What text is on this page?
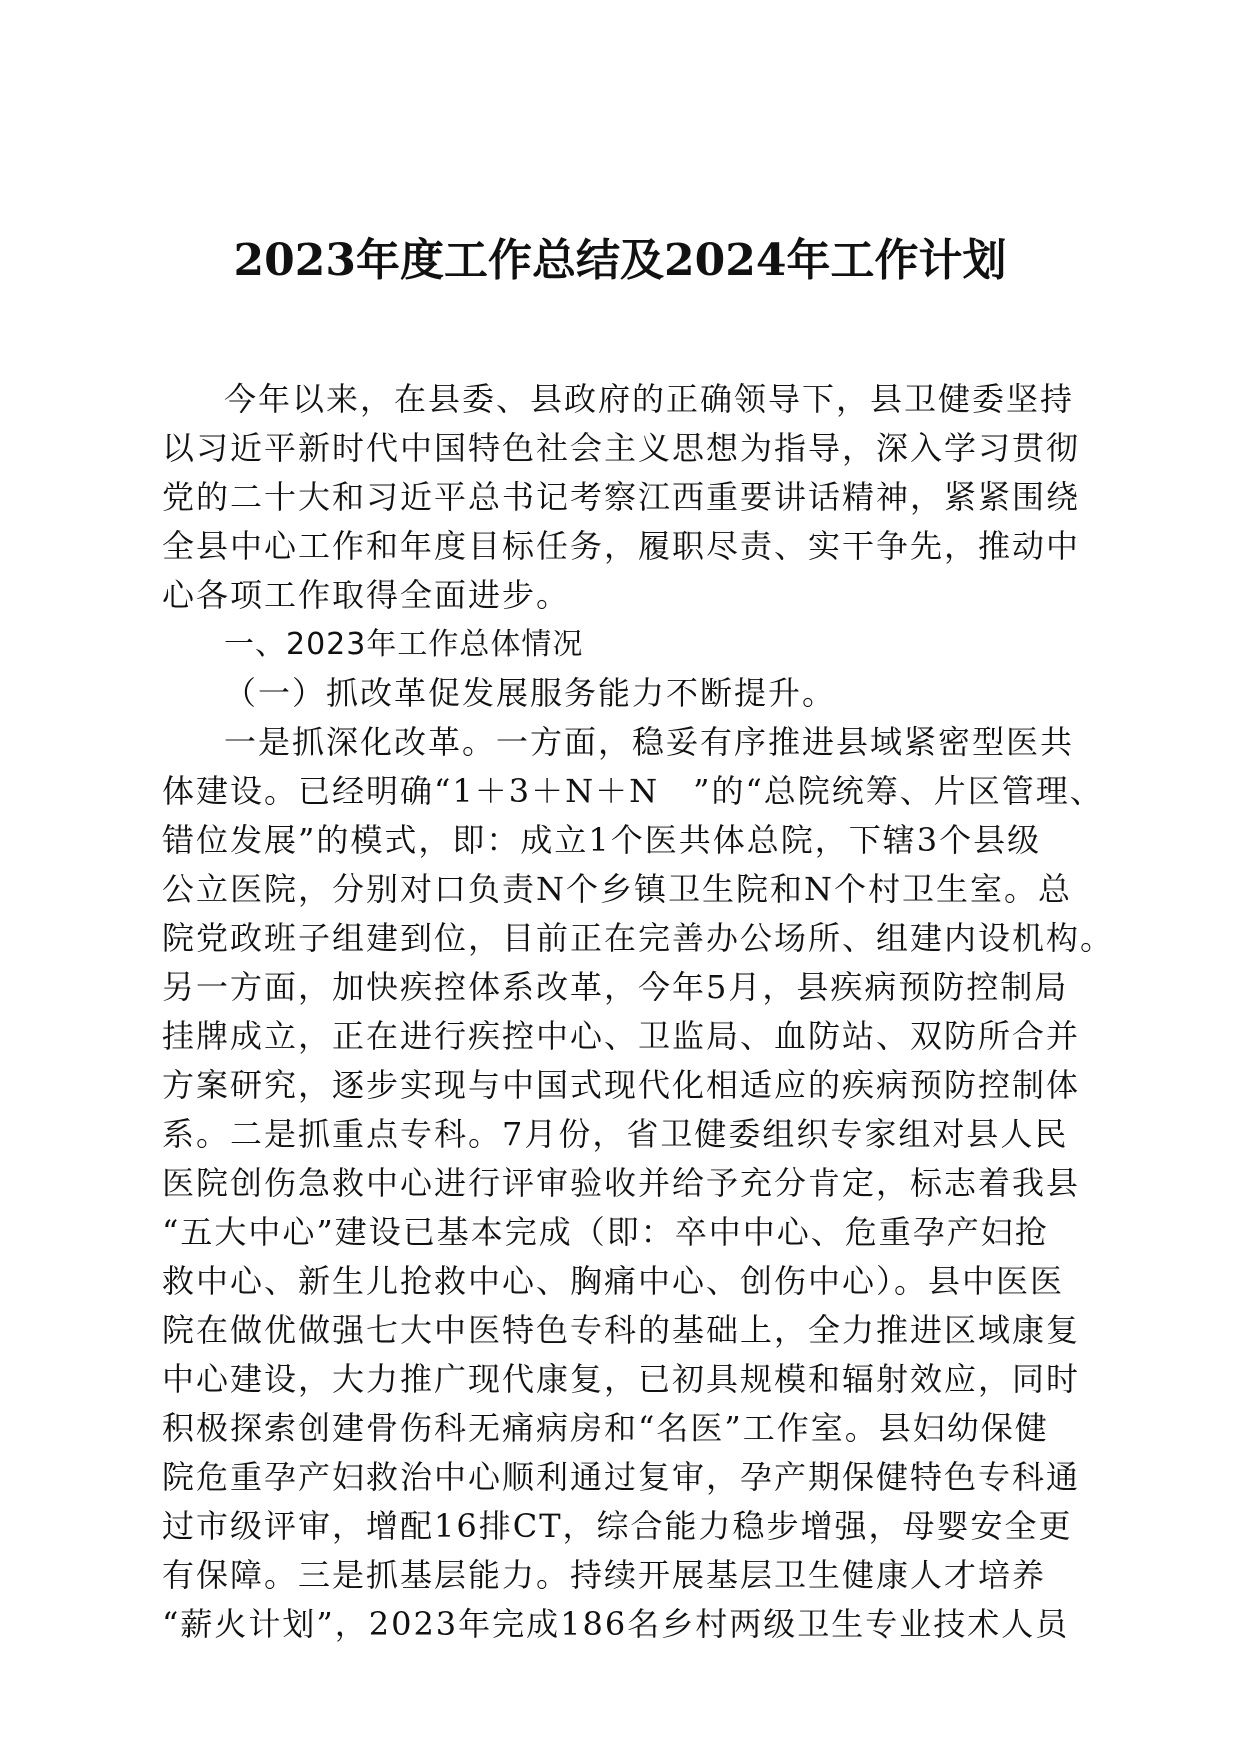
2023年度工作总结及2024年工作计划
今年以来，在县委、县政府的正确领导下，县卫健委坚持
以习近平新时代中国特色社会主义思想为指导，深入学习贯彻
党的二十大和习近平总书记考察江西重要讲话精神，紧紧围绕
全县中心工作和年度目标任务，履职尽责、实干争先，推动中
心各项工作取得全面进步。
一、2023年工作总体情况
（一）抓改革促发展服务能力不断提升。
一是抓深化改革。一方面，稳妥有序推进县域紧密型医共
体建设。已经明确“1＋3＋N＋N　”的“总院统筹、片区管理、
错位发展”的模式，即：成立1个医共体总院，下辖3个县级
公立医院，分别对口负责N个乡镇卫生院和N个村卫生室。总
院党政班子组建到位，目前正在完善办公场所、组建内设机构。
另一方面，加快疾控体系改革，今年5月，县疾病预防控制局
挂牌成立，正在进行疾控中心、卫监局、血防站、双防所合并
方案研究，逐步实现与中国式现代化相适应的疾病预防控制体
系。二是抓重点专科。7月份，省卫健委组织专家组对县人民
医院创伤急救中心进行评审验收并给予充分肯定，标志着我县
“五大中心”建设已基本完成（即：卒中中心、危重孕产妇抢
救中心、新生儿抢救中心、胸痛中心、创伤中心）。县中医医
院在做优做强七大中医特色专科的基础上，全力推进区域康复
中心建设，大力推广现代康复，已初具规模和辐射效应，同时
积极探索创建骨伤科无痛病房和“名医”工作室。县妇幼保健
院危重孕产妇救治中心顺利通过复审，孕产期保健特色专科通
过市级评审，增配16排CT，综合能力稳步增强，母婴安全更
有保障。三是抓基层能力。持续开展基层卫生健康人才培养
“薪火计划”，2023年完成186名乡村两级卫生专业技术人员
